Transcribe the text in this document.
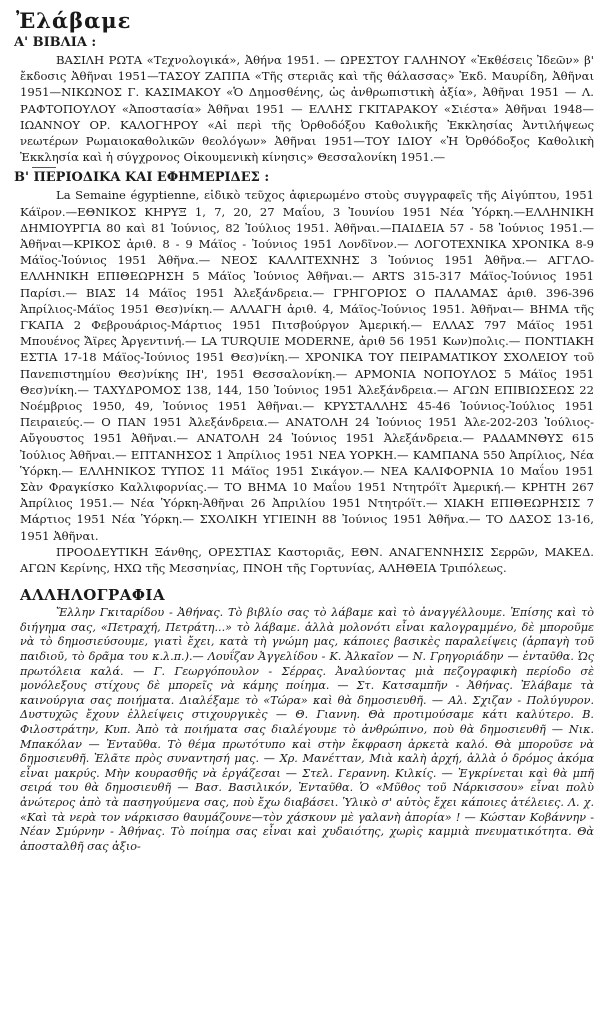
Ἐλάβαμε
Α' ΒΙΒΛΙΑ :

ΒΑΣΙΛΗ ΡΩΤΑ «Τεχνολογικά», Ἀθήνα 1951. — ΩΡΕΣΤΟΥ ΓΑΛΗΝΟΥ «Ἐκθέσεις Ἰδεῶν» β' ἔκδοσις Ἀθῆναι 1951—ΤΑΣΟΥ ΖΑΠΠΑ «Τῆς στεριᾶς καὶ τῆς θάλασσας» Ἐκδ. Μαυρίδη, Ἀθῆναι 1951—ΝΙΚΩΝΟΣ Γ. ΚΑΣΙΜΑΚΟΥ «Ὁ Δημοσθένης, ὡς ἀνθρωπιστικὴ ἀξία», Ἀθῆναι 1951 — Λ. ΡΑΦΤΟΠΟΥΛΟΥ «Ἀποστασία» Ἀθῆναι 1951 — ΕΛΛΗΣ ΓΚΙΤΑΡΑΚΟΥ «Σιέστα» Ἀθῆναι 1948—ΙΩΑΝΝΟΥ ΟΡ. ΚΑΛΟΓΗΡΟΥ «Αἱ περὶ τῆς Ὀρθοδόξου Καθολικῆς Ἐκκλησίας Ἀντιλήψεως νεωτέρων Ρωμαιοκαθολικῶν θεολόγων» Ἀθῆναι 1951—ΤΟΥ ΙΔΙΟΥ «Ἡ Ὀρθόδοξος Καθολικὴ Ἐκκλησία καὶ ἡ σύγχρονος Οἰκουμενικὴ κίνησις» Θεσσαλονίκη 1951.—

Β' ΠΕΡΙΟΔΙΚΑ ΚΑΙ ΕΦΗΜΕΡΙΔΕΣ :

La Semaine égyptienne, εἰδικὸ τεῦχος ἀφιερωμένο στοὺς συγγραφεῖς τῆς Αἰγύπτου, 1951 Κάϊρον.—ΕΘΝΙΚΟΣ ΚΗΡΥΞ 1, 7, 20, 27 Μαΐου, 3 Ἰουνίου 1951 Νέα Ὑόρκη.—ΕΛΛΗΝΙΚΗ ΔΗΜΙΟΥΡΓΙΑ 80 καὶ 81 Ἰούνιος, 82 Ἰούλιος 1951. Ἀθῆναι.—ΠΑΙΔΕΙΑ 57 - 58 Ἰούνιος 1951.— Ἀθῆναι—ΚΡΙΚΟΣ ἀριθ. 8 - 9 Μάϊος - Ἰούνιος 1951 Λονδῖνον.— ΛΟΓΟΤΕΧΝΙΚΑ ΧΡΟΝΙΚΑ 8-9 Μάϊος-Ἰούνιος 1951 Ἀθῆνα.— ΝΕΟΣ ΚΑΛΛΙΤΕΧΝΗΣ 3 Ἰούνιος 1951 Ἀθῆνα.— ΑΓΓΛΟ-ΕΛΛΗΝΙΚΗ ΕΠΙΘΕΩΡΗΣΗ 5 Μάϊος Ἰούνιος Ἀθῆναι.— ARTS 315-317 Μάϊος-Ἰούνιος 1951 Παρίσι.— ΒΙΑΣ 14 Μάϊος 1951 Ἀλεξάνδρεια.— ΓΡΗΓΟΡΙΟΣ Ο ΠΑΛΑΜΑΣ ἀριθ. 396-396 Ἀπρίλιος-Μάϊος 1951 Θεσ)νίκη.— ΑΛΛΑΓΗ ἀριθ. 4, Μάϊος-Ἰούνιος 1951. Ἀθῆναι— ΒΗΜΑ τῆς ΓΚΑΠΑ 2 Φεβρουάριος-Μάρτιος 1951 Πιτσβούργον Ἀμερική.— ΕΛΛΑΣ 797 Μάϊος 1951 Μπουένος Ἄϊρες Ἀργεντινή.— LA TURQUIE MODERNE, ἀριθ 56 1951 Κων)πολις.— ΠΟΝΤΙΑΚΗ ΕΣΤΙΑ 17-18 Μάϊος-Ἰούνιος 1951 Θεσ)νίκη.— ΧΡΟΝΙΚΑ ΤΟΥ ΠΕΙΡΑΜΑΤΙΚΟΥ ΣΧΟΛΕΙΟΥ τοῦ Πανεπιστημίου Θεσ)νίκης ΙΗ', 1951 Θεσσαλονίκη.— ΑΡΜΟΝΙΑ ΝΟΠΟΥΛΟΣ 5 Μάϊος 1951 Θεσ)νίκη.— ΤΑΧΥΔΡΟΜΟΣ 138, 144, 150 Ἰούνιος 1951 Ἀλεξάνδρεια.— ΑΓΩΝ ΕΠΙΒΙΩΣΕΩΣ 22 Νοέμβριος 1950, 49, Ἰούνιος 1951 Ἀθῆναι.— ΚΡΥΣΤΑΛΛΗΣ 45-46 Ἰούνιος-Ἰούλιος 1951 Πειραιεύς.— Ο ΠΑΝ 1951 Ἀλεξάνδρεια.— ΑΝΑΤΟΛΗ 24 Ἰούνιος 1951 Ἀλε-202-203 Ἰούλιος-Αὔγουστος 1951 Ἀθῆναι.— ΑΝΑΤΟΛΗ 24 Ἰούνιος 1951 Ἀλεξάνδρεια.— ΡΑΔΑΜΝΘΥΣ 615 Ἰούλιος Ἀθῆναι.— ΕΠΤΑΝΗΣΟΣ 1 Ἀπρίλιος 1951 ΝΕΑ ΥΟΡΚΗ.— ΚΑΜΠΑΝΑ 550 Ἀπρίλιος, Νέα Ὑόρκη.— ΕΛΛΗΝΙΚΟΣ ΤΥΠΟΣ 11 Μάϊος 1951 Σικάγον.— ΝΕΑ ΚΑΛΙΦΟΡΝΙΑ 10 Μαΐου 1951 Σὰν Φραγκίσκο Καλλιφορνίας.— ΤΟ ΒΗΜΑ 10 Μαΐου 1951 Ντητρόϊτ Ἀμερική.— ΚΡΗΤΗ 267 Ἀπρίλιος 1951.— Νέα Ὑόρκη-Ἀθῆναι 26 Ἀπριλίου 1951 Ντητρόϊτ.— ΧΙΑΚΗ ΕΠΙΘΕΩΡΗΣΙΣ 7 Μάρτιος 1951 Νέα Ὑόρκη.— ΣΧΟΛΙΚΗ ΥΓΙΕΙΝΗ 88 Ἰούνιος 1951 Ἀθῆνα.— ΤΟ ΔΑΣΟΣ 13-16, 1951 Ἀθῆναι.

ΠΡΟΟΔΕΥΤΙΚΗ Ξάνθης, ΟΡΕΣΤΙΑΣ Καστοριᾶς, ΕΘΝ. ΑΝΑΓΕΝΝΗΣΙΣ Σερρῶν, ΜΑΚΕΔ. ΑΓΩΝ Κερίνης, ΗΧΩ τῆς Μεσσηνίας, ΠΝΟΗ τῆς Γορτυνίας, ΑΛΗΘΕΙΑ Τριπόλεως.

ΑΛΛΗΛΟΓΡΑΦΙΑ

Ἔλλην Γκιταρίδου - Ἀθήνας. Τὸ βιβλίο σας τὸ λάβαμε καὶ τὸ ἀναγγέλλουμε. Ἐπίσης καὶ τὸ διήγημα σας, «Πετραχή, Πετράτη...» τὸ λάβαμε. ἀλλὰ μολονότι εἶναι καλογραμμένο, δὲ μποροῦμε νὰ τὸ δημοσιεύσουμε, γιατὶ ἔχει, κατὰ τὴ γνώμη μας, κάποιες βασικὲς παραλείψεις (ἁρπαγὴ τοῦ παιδιοῦ, τὸ δρᾶμα του κ.λ.π.).— Λουΐζαν Ἀγγελίδου - Κ. Ἀλκαῖον — Ν. Γρηγοριάδην — ἐνταῦθα. Ὡς πρωτόλεια καλά. — Γ. Γεωργόπουλον - Σέρρας. Ἀναλύοντας μιὰ πεζογραφικὴ περίοδο σὲ μονόλεξους στίχους δὲ μπορεῖς νὰ κάμης ποίημα. — Στ. Κατσαμπῆν - Ἀθήνας. Ἐλάβαμε τὰ καινούργια σας ποιήματα. Διαλέξαμε τὸ «Τώρα» καὶ θὰ δημοσιευθῆ. — Αλ. Σχιζαν - Πολύγυρον. Δυστυχῶς ἔχουν ἐλλείψεις στιχουργικὲς — Θ. Γιαννη. Θὰ προτιμούσαμε κάτι καλύτερο. Β. Φιλοστράτην, Κυπ. Ἀπὸ τὰ ποιήματα σας διαλέγουμε τὸ ἀνθρώπινο, ποὺ θὰ δημοσιευθῆ — Νικ. Μπακόλαν — Ἐνταῦθα. Τὸ θέμα πρωτότυπο καὶ στὴν ἔκφραση ἀρκετὰ καλό. Θὰ μποροῦσε νὰ δημοσιευθῆ. Ἐλᾶτε πρὸς συναντησή μας. — Χρ. Μανέτταν, Μιὰ καλὴ ἀρχή, ἀλλὰ ὁ δρόμος ἀκόμα εἶναι μακρύς. Μὴν κουρασθῆς νὰ ἐργάζεσαι — Στελ. Γεραννη. Κιλκίς. — Ἐγκρίνεται καὶ θὰ μπῆ σειρά του θὰ δημοσιευθῆ — Βασ. Βασιλικόν, Ἐνταῦθα. Ὁ «Μῦθος τοῦ Νάρκισσου» εἶναι πολὺ ἀνώτερος ἀπὸ τὰ πασηγούμενα σας, ποὺ ἔχω διαβάσει. Ὑλικὸ σ' αὐτὸς ἔχει κάποιες ἀτέλειες. Λ. χ. «Καὶ τὰ νερὰ τον νάρκισσο θαυμάζουνε—τὸν χάσκουν μὲ γαλανὴ ἀπορία» ! — Κώσταν Κοβάννην - Νέαν Σμύρνην - Ἀθήνας. Τὸ ποίημα σας εἶναι καὶ χυδαιότης, χωρὶς καμμιὰ πνευματικότητα. Θὰ ἀποσταλθῆ σας ἀξιο-
